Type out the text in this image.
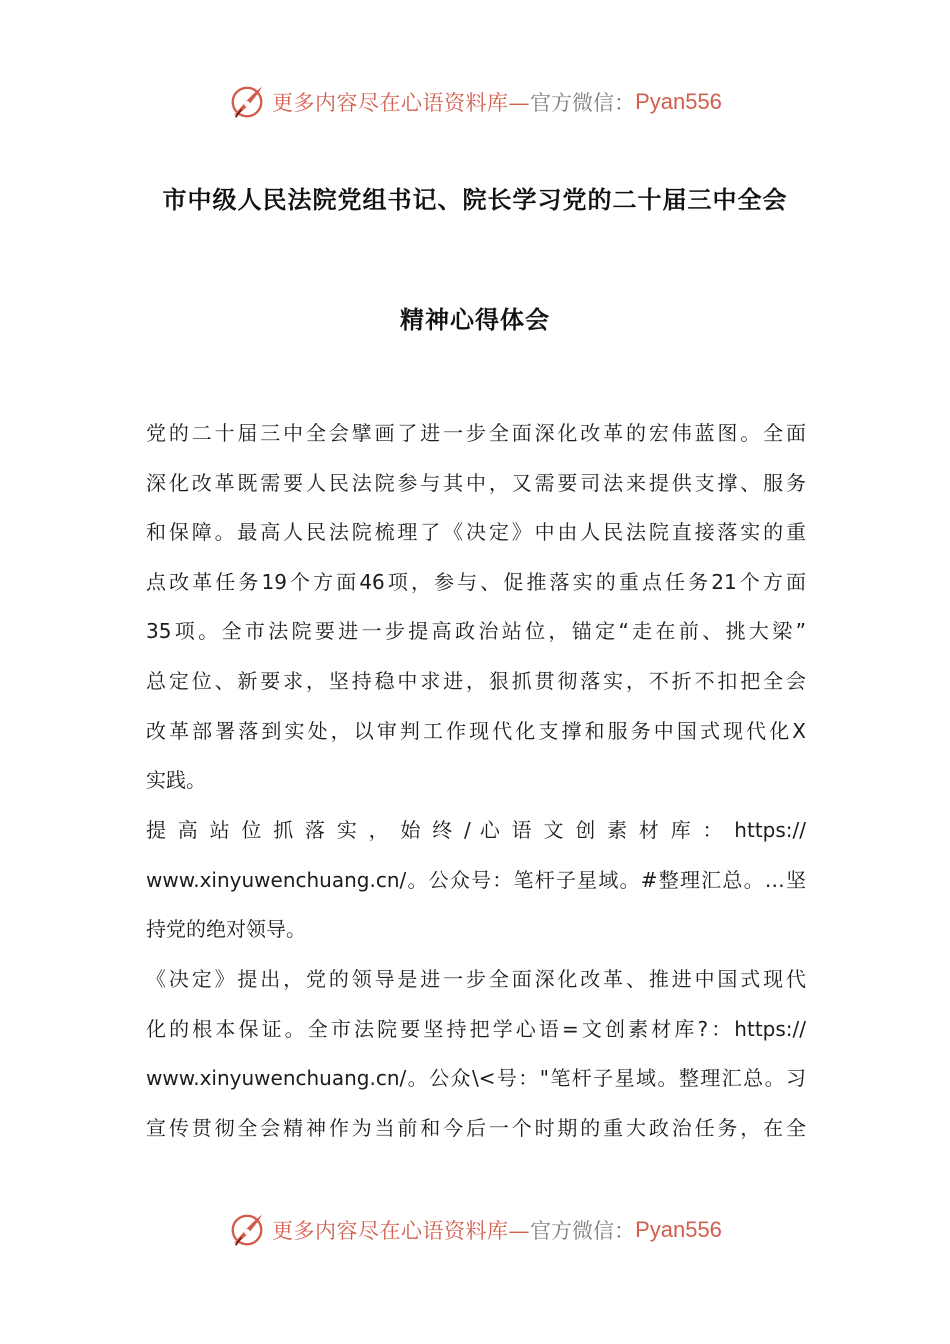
更多内容尽在心语资料库— 官方微信： Pyan556
市中级人民法院党组书记、院长学习党的二十届三中全会
精神心得体会
党的二十届三中全会擘画了进一步全面深化改革的宏伟蓝图。全面
深化改革既需要人民法院参与其中，又需要司法来提供支撑、服务
和保障。最高人民法院梳理了《决定》中由人民法院直接落实的重
点改革任务19个方面46项，参与、促推落实的重点任务21个方面
35项。全市法院要进一步提高政治站位，锚定“走在前、挑大梁”
总定位、新要求，坚持稳中求进，狠抓贯彻落实，不折不扣把全会
改革部署落到实处，以审判工作现代化支撑和服务中国式现代化X
实践。
提 高 站 位 抓 落 实 ， 始 终 / 心 语 文 创 素 材 库 ： https://
www.xinyuwenchuang.cn/。公众号：笔杆子星域。#整理汇总。…坚
持党的绝对领导。
《决定》提出，党的领导是进一步全面深化改革、推进中国式现代
化的根本保证。全市法院要坚持把学心语=文创素材库?：https://
www.xinyuwenchuang.cn/。公众\<号："笔杆子星域。整理汇总。习
宣传贯彻全会精神作为当前和今后一个时期的重大政治任务，在全
更多内容尽在心语资料库— 官方微信： Pyan556
